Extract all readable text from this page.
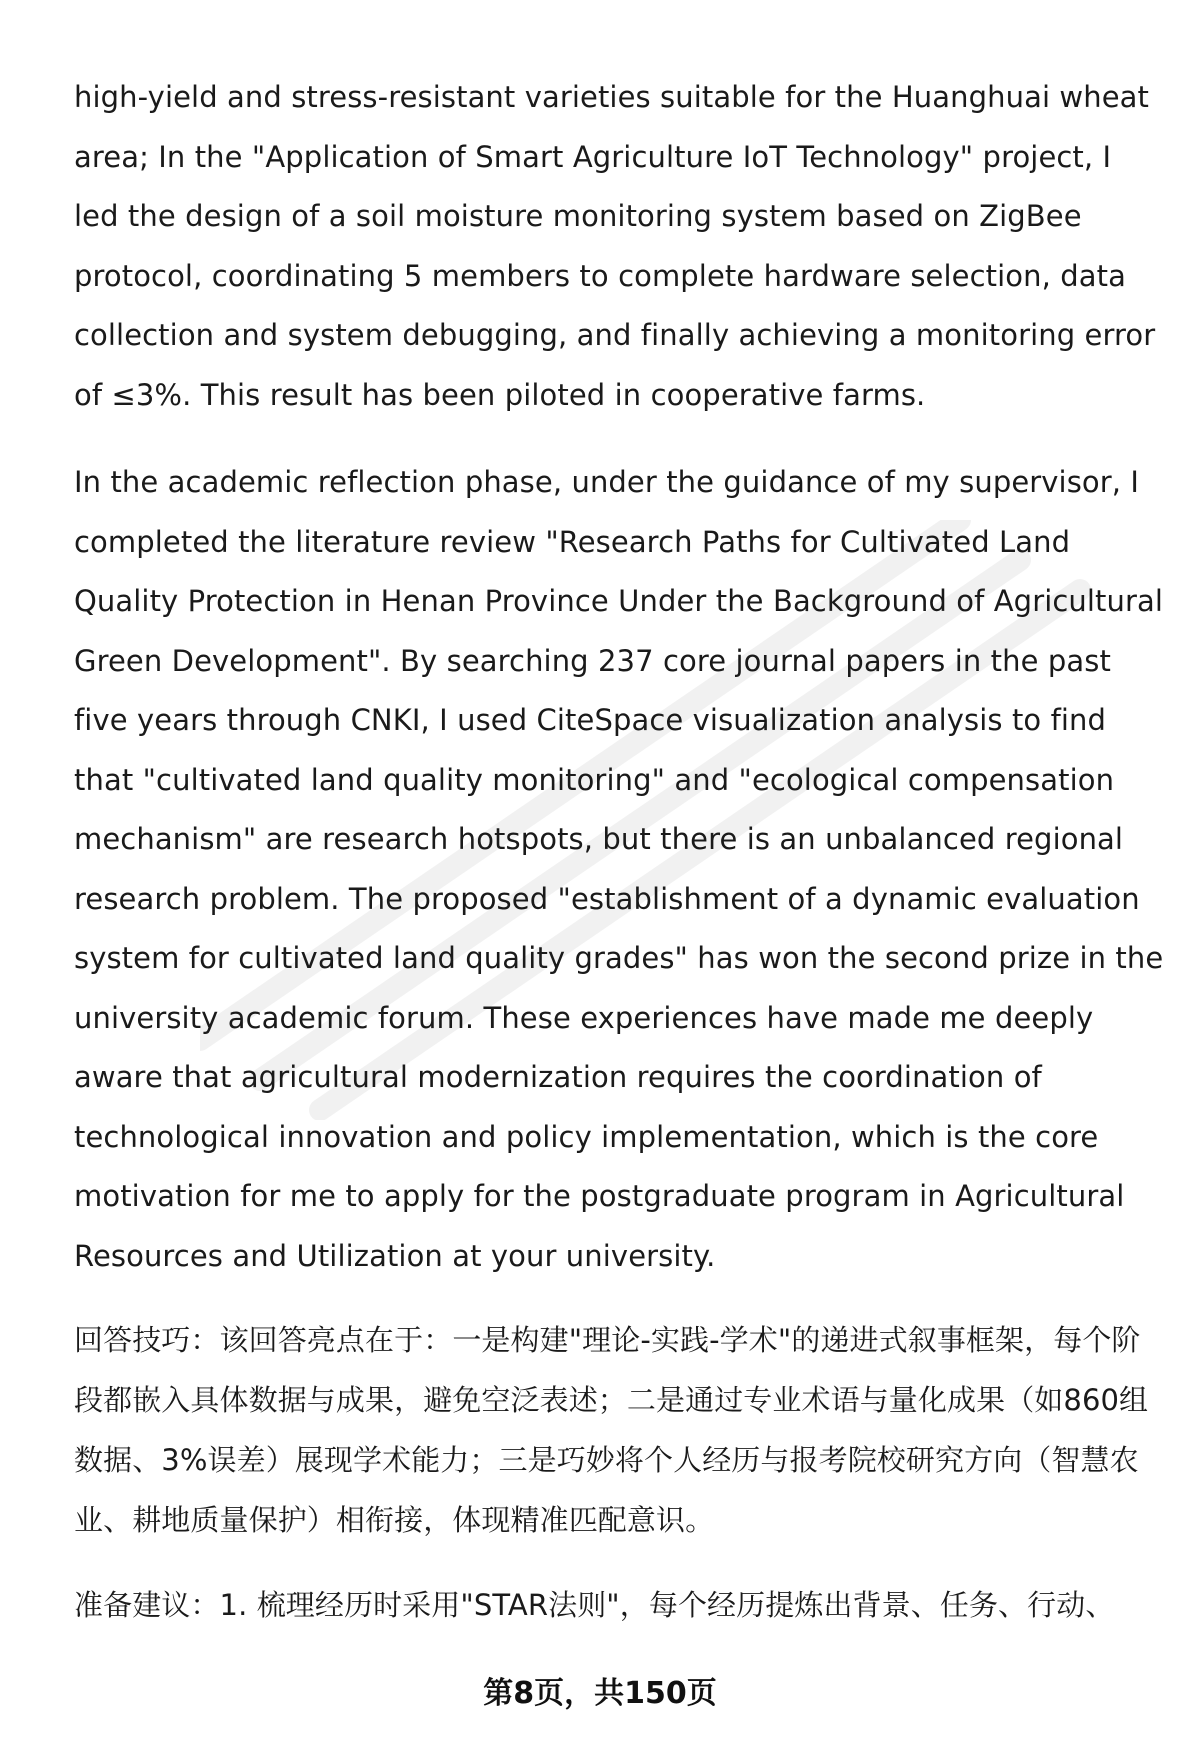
high-yield and stress-resistant varieties suitable for the Huanghuai wheat area; In the "Application of Smart Agriculture IoT Technology" project, I led the design of a soil moisture monitoring system based on ZigBee protocol, coordinating 5 members to complete hardware selection, data collection and system debugging, and finally achieving a monitoring error of ≤3%. This result has been piloted in cooperative farms.

In the academic reflection phase, under the guidance of my supervisor, I completed the literature review "Research Paths for Cultivated Land Quality Protection in Henan Province Under the Background of Agricultural Green Development". By searching 237 core journal papers in the past five years through CNKI, I used CiteSpace visualization analysis to find that "cultivated land quality monitoring" and "ecological compensation mechanism" are research hotspots, but there is an unbalanced regional research problem. The proposed "establishment of a dynamic evaluation system for cultivated land quality grades" has won the second prize in the university academic forum. These experiences have made me deeply aware that agricultural modernization requires the coordination of technological innovation and policy implementation, which is the core motivation for me to apply for the postgraduate program in Agricultural Resources and Utilization at your university.

回答技巧：该回答亮点在于：一是构建"理论-实践-学术"的递进式叙事框架，每个阶段都嵌入具体数据与成果，避免空泛表述；二是通过专业术语与量化成果（如860组数据、3%误差）展现学术能力；三是巧妙将个人经历与报考院校研究方向（智慧农业、耕地质量保护）相衔接，体现精准匹配意识。

准备建议：1. 梳理经历时采用"STAR法则"，每个经历提炼出背景、任务、行动、

第8页，共150页
